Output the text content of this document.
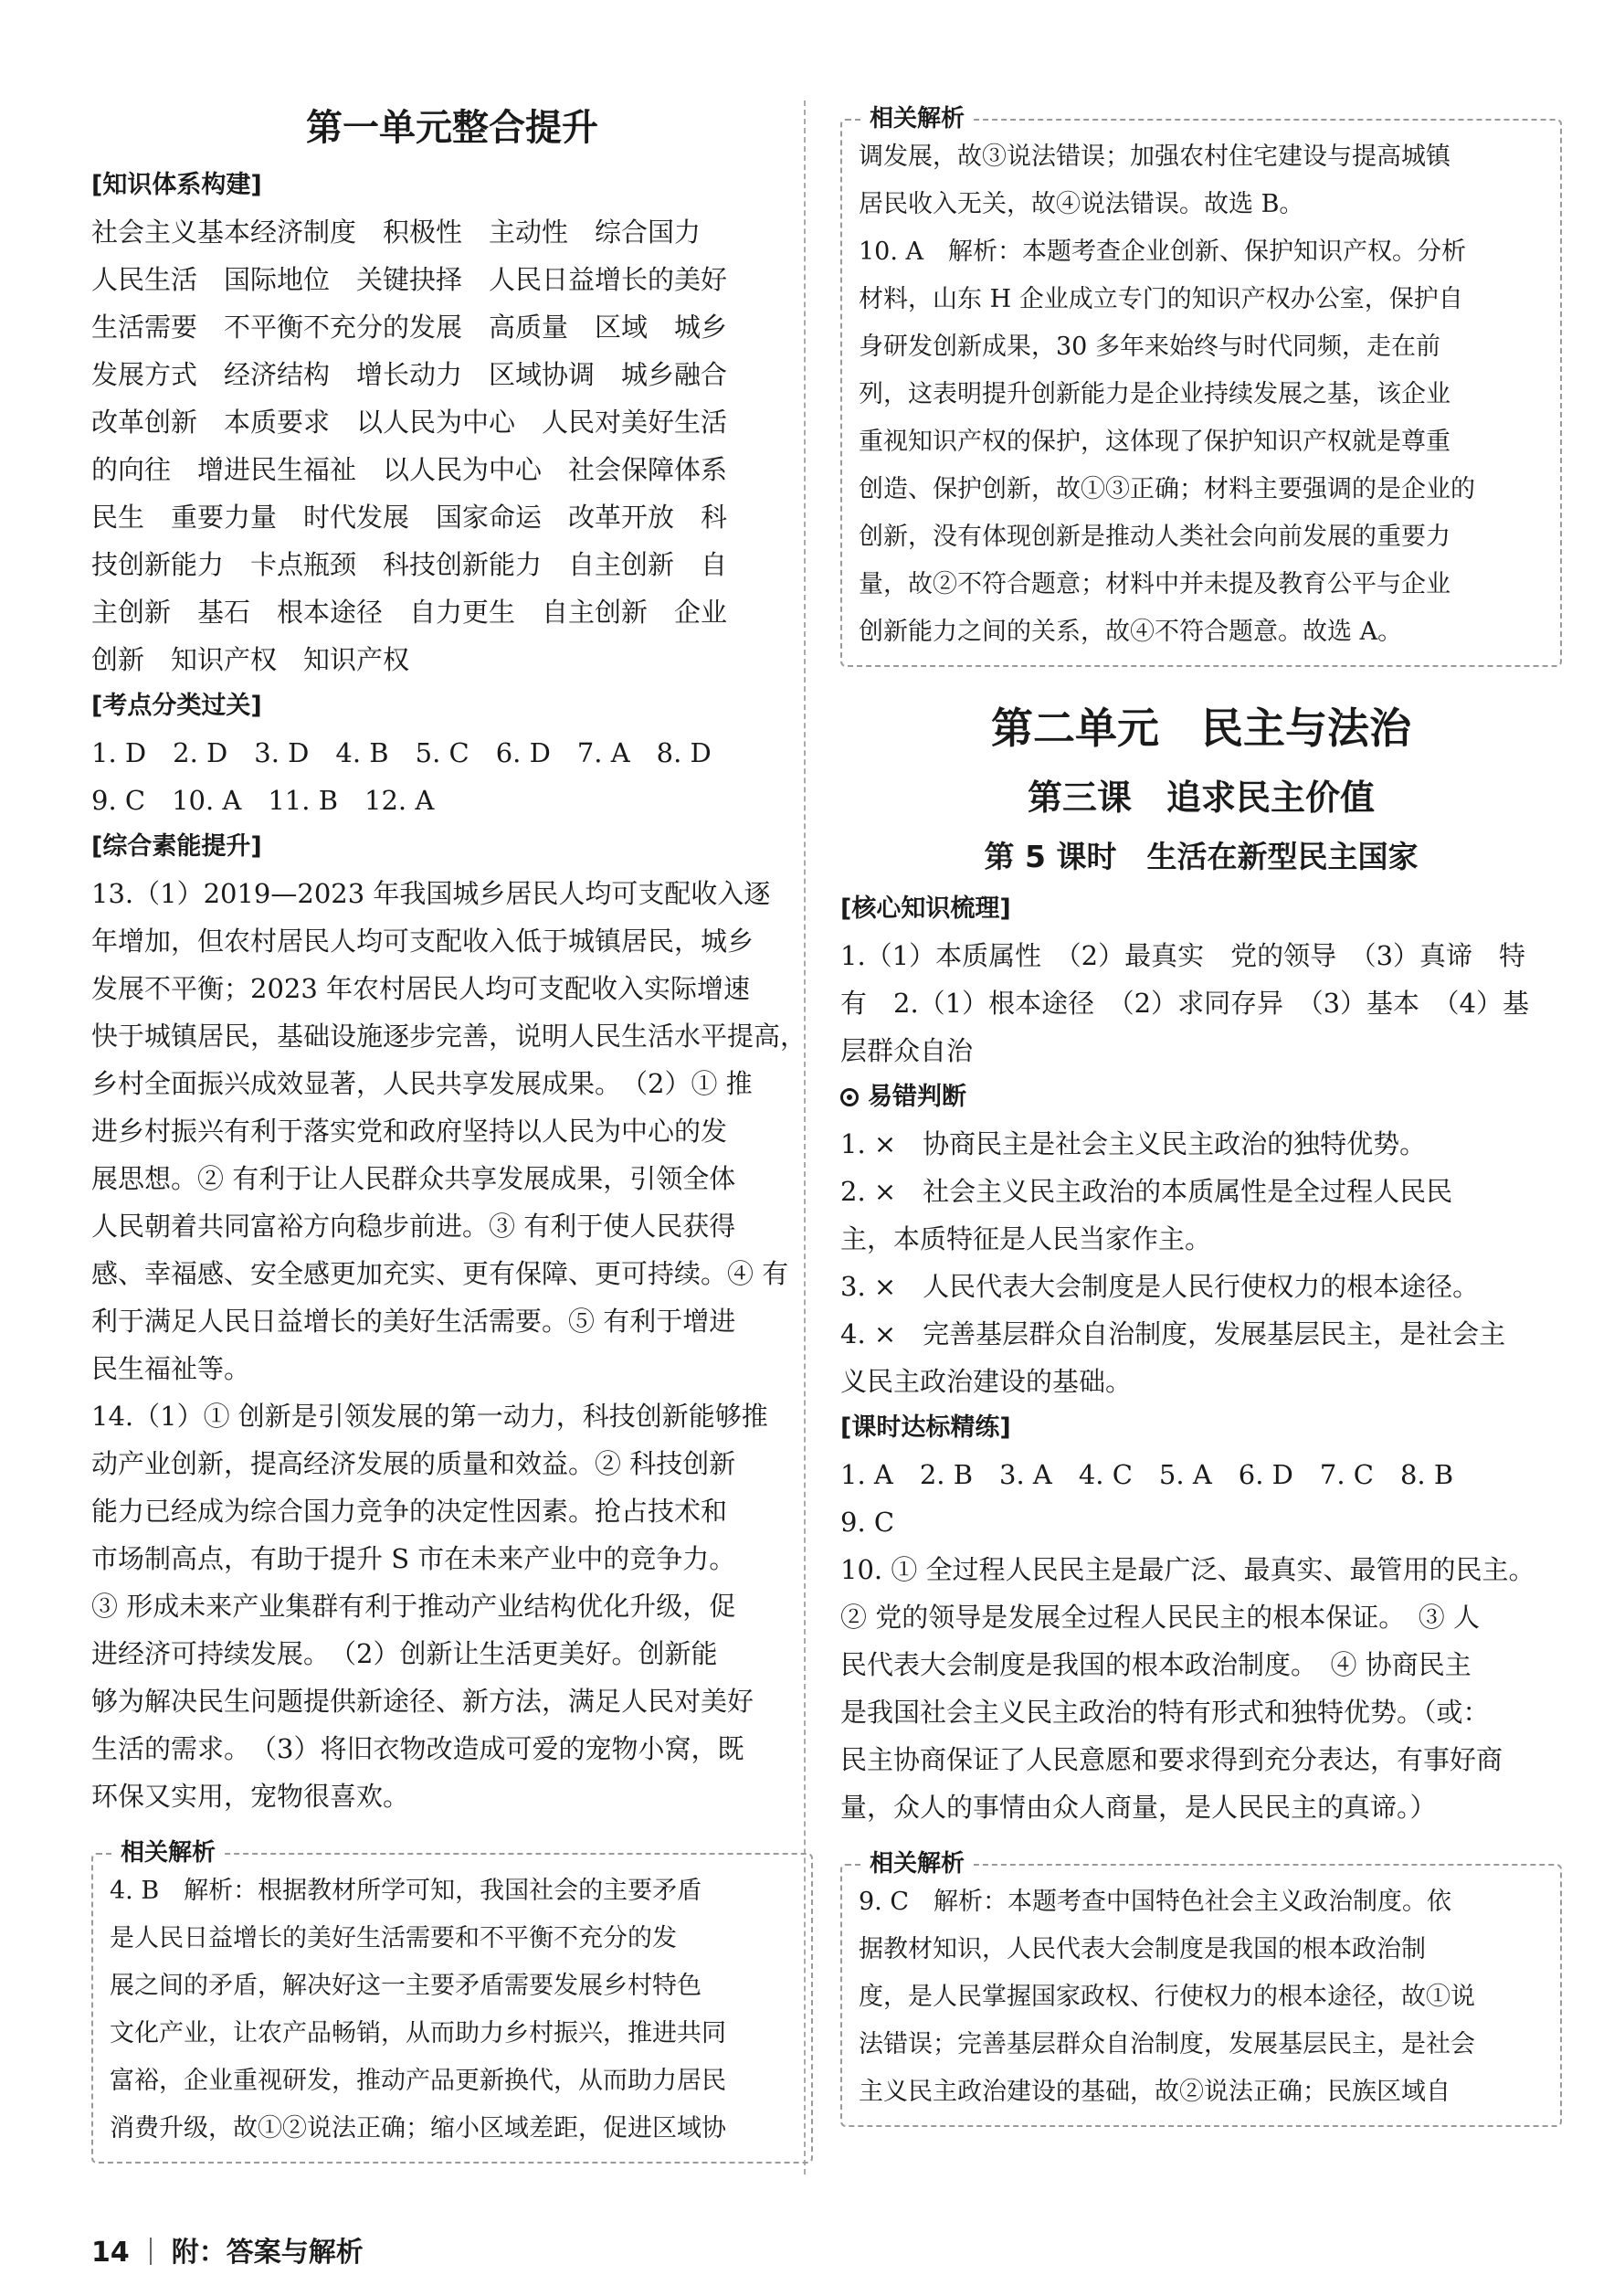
第一单元整合提升

[知识体系构建]

社会主义基本经济制度　积极性　主动性　综合国力

人民生活　国际地位　关键抉择　人民日益增长的美好

生活需要　不平衡不充分的发展　高质量　区域　城乡

发展方式　经济结构　增长动力　区域协调　城乡融合

改革创新　本质要求　以人民为中心　人民对美好生活

的向往　增进民生福祉　以人民为中心　社会保障体系

民生　重要力量　时代发展　国家命运　改革开放　科

技创新能力　卡点瓶颈　科技创新能力　自主创新　自

主创新　基石　根本途径　自力更生　自主创新　企业

创新　知识产权　知识产权

[考点分类过关]

1. D　2. D　3. D　4. B　5. C　6. D　7. A　8. D

9. C　10. A　11. B　12. A

[综合素能提升]

13.（1）2019—2023 年我国城乡居民人均可支配收入逐

年增加，但农村居民人均可支配收入低于城镇居民，城乡

发展不平衡；2023 年农村居民人均可支配收入实际增速

快于城镇居民，基础设施逐步完善，说明人民生活水平提高，

乡村全面振兴成效显著，人民共享发展成果。　（2）① 推

进乡村振兴有利于落实党和政府坚持以人民为中心的发

展思想。② 有利于让人民群众共享发展成果，引领全体

人民朝着共同富裕方向稳步前进。③ 有利于使人民获得

感、幸福感、安全感更加充实、更有保障、更可持续。④ 有

利于满足人民日益增长的美好生活需要。⑤ 有利于增进

民生福祉等。

14.（1）① 创新是引领发展的第一动力，科技创新能够推

动产业创新，提高经济发展的质量和效益。② 科技创新

能力已经成为综合国力竞争的决定性因素。抢占技术和

市场制高点，有助于提升 S 市在未来产业中的竞争力。

③ 形成未来产业集群有利于推动产业结构优化升级，促

进经济可持续发展。　（2）创新让生活更美好。创新能

够为解决民生问题提供新途径、新方法，满足人民对美好

生活的需求。　（3）将旧衣物改造成可爱的宠物小窝，既

环保又实用，宠物很喜欢。

相关解析

4. B　解析：根据教材所学可知，我国社会的主要矛盾

是人民日益增长的美好生活需要和不平衡不充分的发

展之间的矛盾，解决好这一主要矛盾需要发展乡村特色

文化产业，让农产品畅销，从而助力乡村振兴，推进共同

富裕，企业重视研发，推动产品更新换代，从而助力居民

消费升级，故①②说法正确；缩小区域差距，促进区域协

相关解析

调发展，故③说法错误；加强农村住宅建设与提高城镇

居民收入无关，故④说法错误。故选 B。

10. A　解析：本题考查企业创新、保护知识产权。分析

材料，山东 H 企业成立专门的知识产权办公室，保护自

身研发创新成果，30 多年来始终与时代同频，走在前

列，这表明提升创新能力是企业持续发展之基，该企业

重视知识产权的保护，这体现了保护知识产权就是尊重

创造、保护创新，故①③正确；材料主要强调的是企业的

创新，没有体现创新是推动人类社会向前发展的重要力

量，故②不符合题意；材料中并未提及教育公平与企业

创新能力之间的关系，故④不符合题意。故选 A。

第二单元　民主与法治
第三课　追求民主价值
第 5 课时　生活在新型民主国家

[核心知识梳理]

1.（1）本质属性　（2）最真实　党的领导　（3）真谛　特

有　2.（1）根本途径　（2）求同存异　（3）基本　（4）基

层群众自治

易错判断

1. ×　协商民主是社会主义民主政治的独特优势。

2. ×　社会主义民主政治的本质属性是全过程人民民

主，本质特征是人民当家作主。

3. ×　人民代表大会制度是人民行使权力的根本途径。

4. ×　完善基层群众自治制度，发展基层民主，是社会主

义民主政治建设的基础。

[课时达标精练]

1. A　2. B　3. A　4. C　5. A　6. D　7. C　8. B

9. C

10. ① 全过程人民民主是最广泛、最真实、最管用的民主。

② 党的领导是发展全过程人民民主的根本保证。　③ 人

民代表大会制度是我国的根本政治制度。　④ 协商民主

是我国社会主义民主政治的特有形式和独特优势。（或：

民主协商保证了人民意愿和要求得到充分表达，有事好商

量，众人的事情由众人商量，是人民民主的真谛。）

相关解析

9. C　解析：本题考查中国特色社会主义政治制度。依

据教材知识，人民代表大会制度是我国的根本政治制

度，是人民掌握国家政权、行使权力的根本途径，故①说

法错误；完善基层群众自治制度，发展基层民主，是社会

主义民主政治建设的基础，故②说法正确；民族区域自

14 附：答案与解析
